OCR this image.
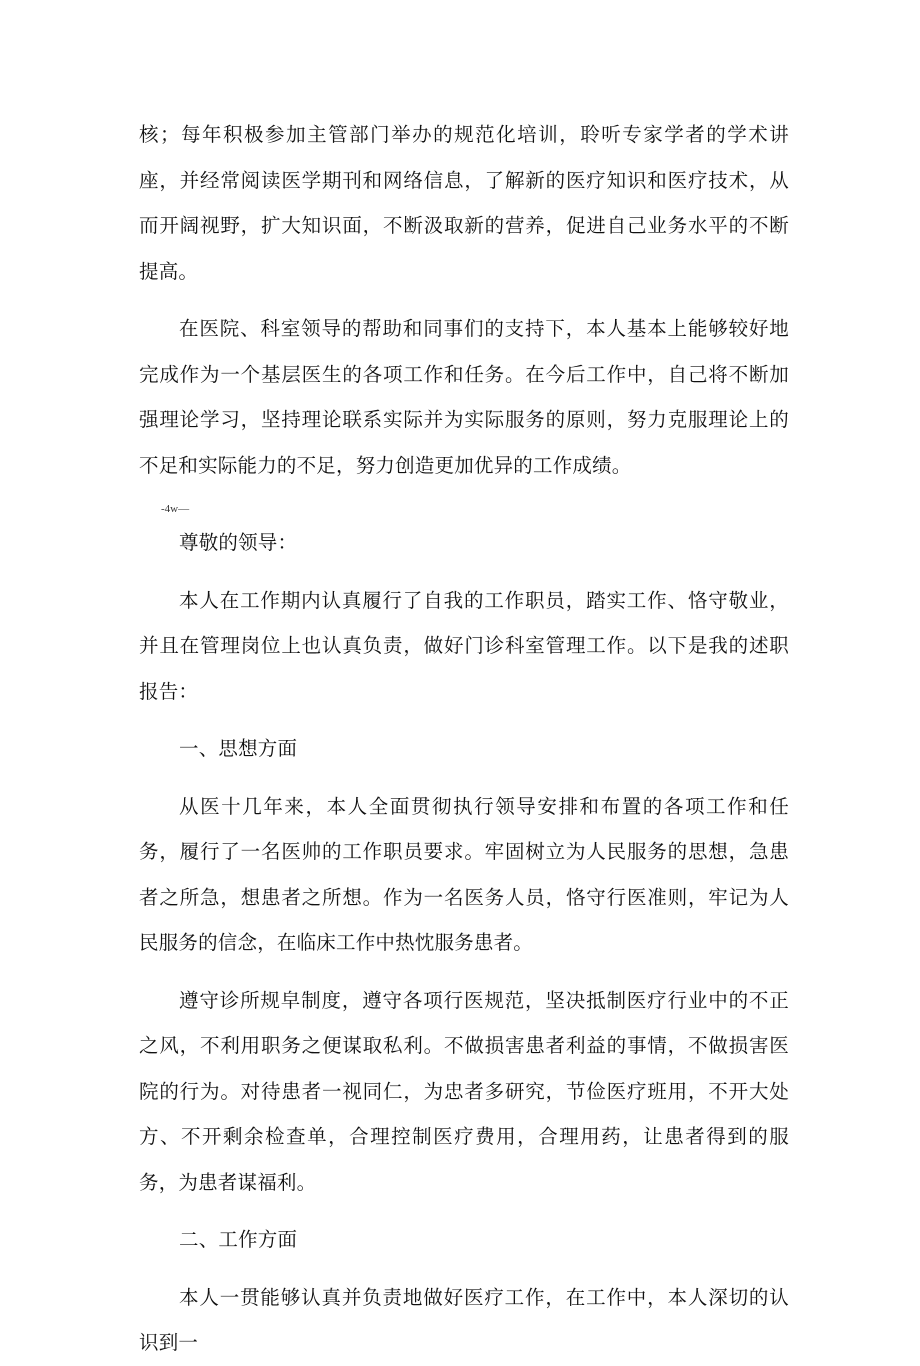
核；每年积极参加主管部门举办的规范化培训，聆听专家学者的学术讲座，并经常阅读医学期刊和网络信息，了解新的医疗知识和医疗技术，从而开阔视野，扩大知识面，不断汲取新的营养，促进自己业务水平的不断提高。

在医院、科室领导的帮助和同事们的支持下，本人基本上能够较好地完成作为一个基层医生的各项工作和任务。在今后工作中，自己将不断加强理论学习，坚持理论联系实际并为实际服务的原则，努力克服理论上的不足和实际能力的不足，努力创造更加优异的工作成绩。

-4w—

尊敬的领导：

本人在工作期内认真履行了自我的工作职员，踏实工作、恪守敬业，并且在管理岗位上也认真负责，做好门诊科室管理工作。以下是我的述职报告：

一、思想方面

从医十几年来，本人全面贯彻执行领导安排和布置的各项工作和任务，履行了一名医帅的工作职员要求。牢固树立为人民服务的思想，急患者之所急，想患者之所想。作为一名医务人员，恪守行医准则，牢记为人民服务的信念，在临床工作中热忱服务患者。

遵守诊所规皁制度，遵守各项行医规范，坚决抵制医疗行业中的不正之风，不利用职务之便谋取私利。不做损害患者利益的事情，不做损害医院的行为。对待患者一视同仁，为忠者多研究，节俭医疗班用，不开大处方、不开剩余检查单，合理控制医疗费用，合理用药，让患者得到的服务，为患者谋福利。

二、工作方面

本人一贯能够认真并负责地做好医疗工作，在工作中，本人深切的认识到一
